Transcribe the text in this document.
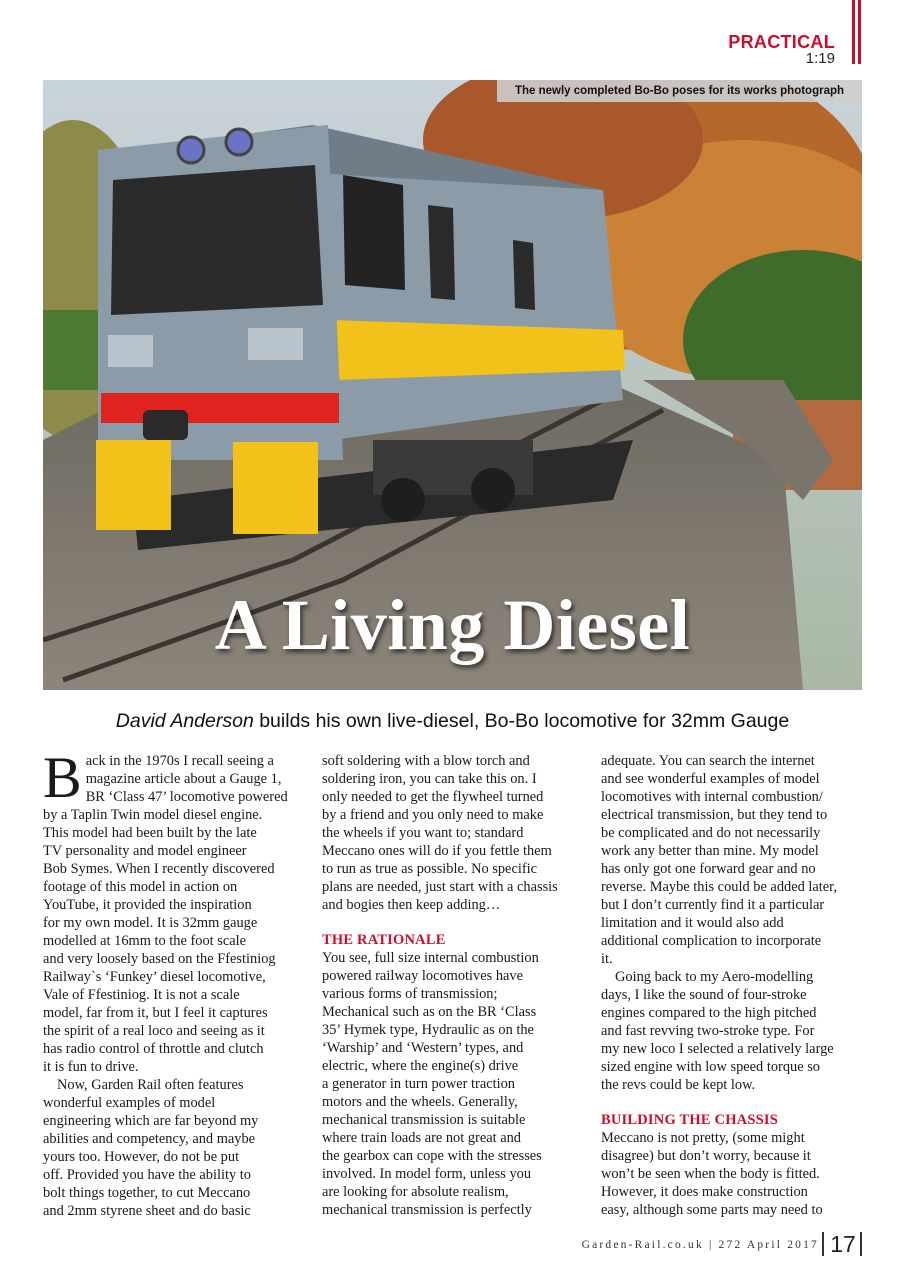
PRACTICAL
1:19
The newly completed Bo-Bo poses for its works photograph
A Living Diesel
David Anderson builds his own live-diesel, Bo-Bo locomotive for 32mm Gauge

B ack in the 1970s I recall seeing a
magazine article about a Gauge 1,
BR ‘Class 47’ locomotive powered
by a Taplin Twin model diesel engine.
This model had been built by the late
TV personality and model engineer
Bob Symes. When I recently discovered
footage of this model in action on
YouTube, it provided the inspiration
for my own model. It is 32mm gauge
modelled at 16mm to the foot scale
and very loosely based on the Ffestiniog
Railway`s ‘Funkey’ diesel locomotive,
Vale of Ffestiniog. It is not a scale
model, far from it, but I feel it captures
the spirit of a real loco and seeing as it
has radio control of throttle and clutch
it is fun to drive.

Now, Garden Rail often features
wonderful examples of model
engineering which are far beyond my
abilities and competency, and maybe
yours too. However, do not be put
off. Provided you have the ability to
bolt things together, to cut Meccano
and 2mm styrene sheet and do basic

soft soldering with a blow torch and
soldering iron, you can take this on. I
only needed to get the flywheel turned
by a friend and you only need to make
the wheels if you want to; standard
Meccano ones will do if you fettle them
to run as true as possible. No specific
plans are needed, just start with a chassis
and bogies then keep adding…

THE RATIONALE

You see, full size internal combustion
powered railway locomotives have
various forms of transmission;
Mechanical such as on the BR ‘Class
35’ Hymek type, Hydraulic as on the
‘Warship’ and ‘Western’ types, and
electric, where the engine(s) drive
a generator in turn power traction
motors and the wheels. Generally,
mechanical transmission is suitable
where train loads are not great and
the gearbox can cope with the stresses
involved. In model form, unless you
are looking for absolute realism,
mechanical transmission is perfectly

adequate. You can search the internet
and see wonderful examples of model
locomotives with internal combustion/
electrical transmission, but they tend to
be complicated and do not necessarily
work any better than mine. My model
has only got one forward gear and no
reverse. Maybe this could be added later,
but I don’t currently find it a particular
limitation and it would also add
additional complication to incorporate
it.

Going back to my Aero-modelling
days, I like the sound of four-stroke
engines compared to the high pitched
and fast revving two-stroke type. For
my new loco I selected a relatively large
sized engine with low speed torque so
the revs could be kept low.

BUILDING THE CHASSIS

Meccano is not pretty, (some might
disagree) but don’t worry, because it
won’t be seen when the body is fitted.
However, it does make construction
easy, although some parts may need to

Garden-Rail.co.uk | 272 April 2017 17
